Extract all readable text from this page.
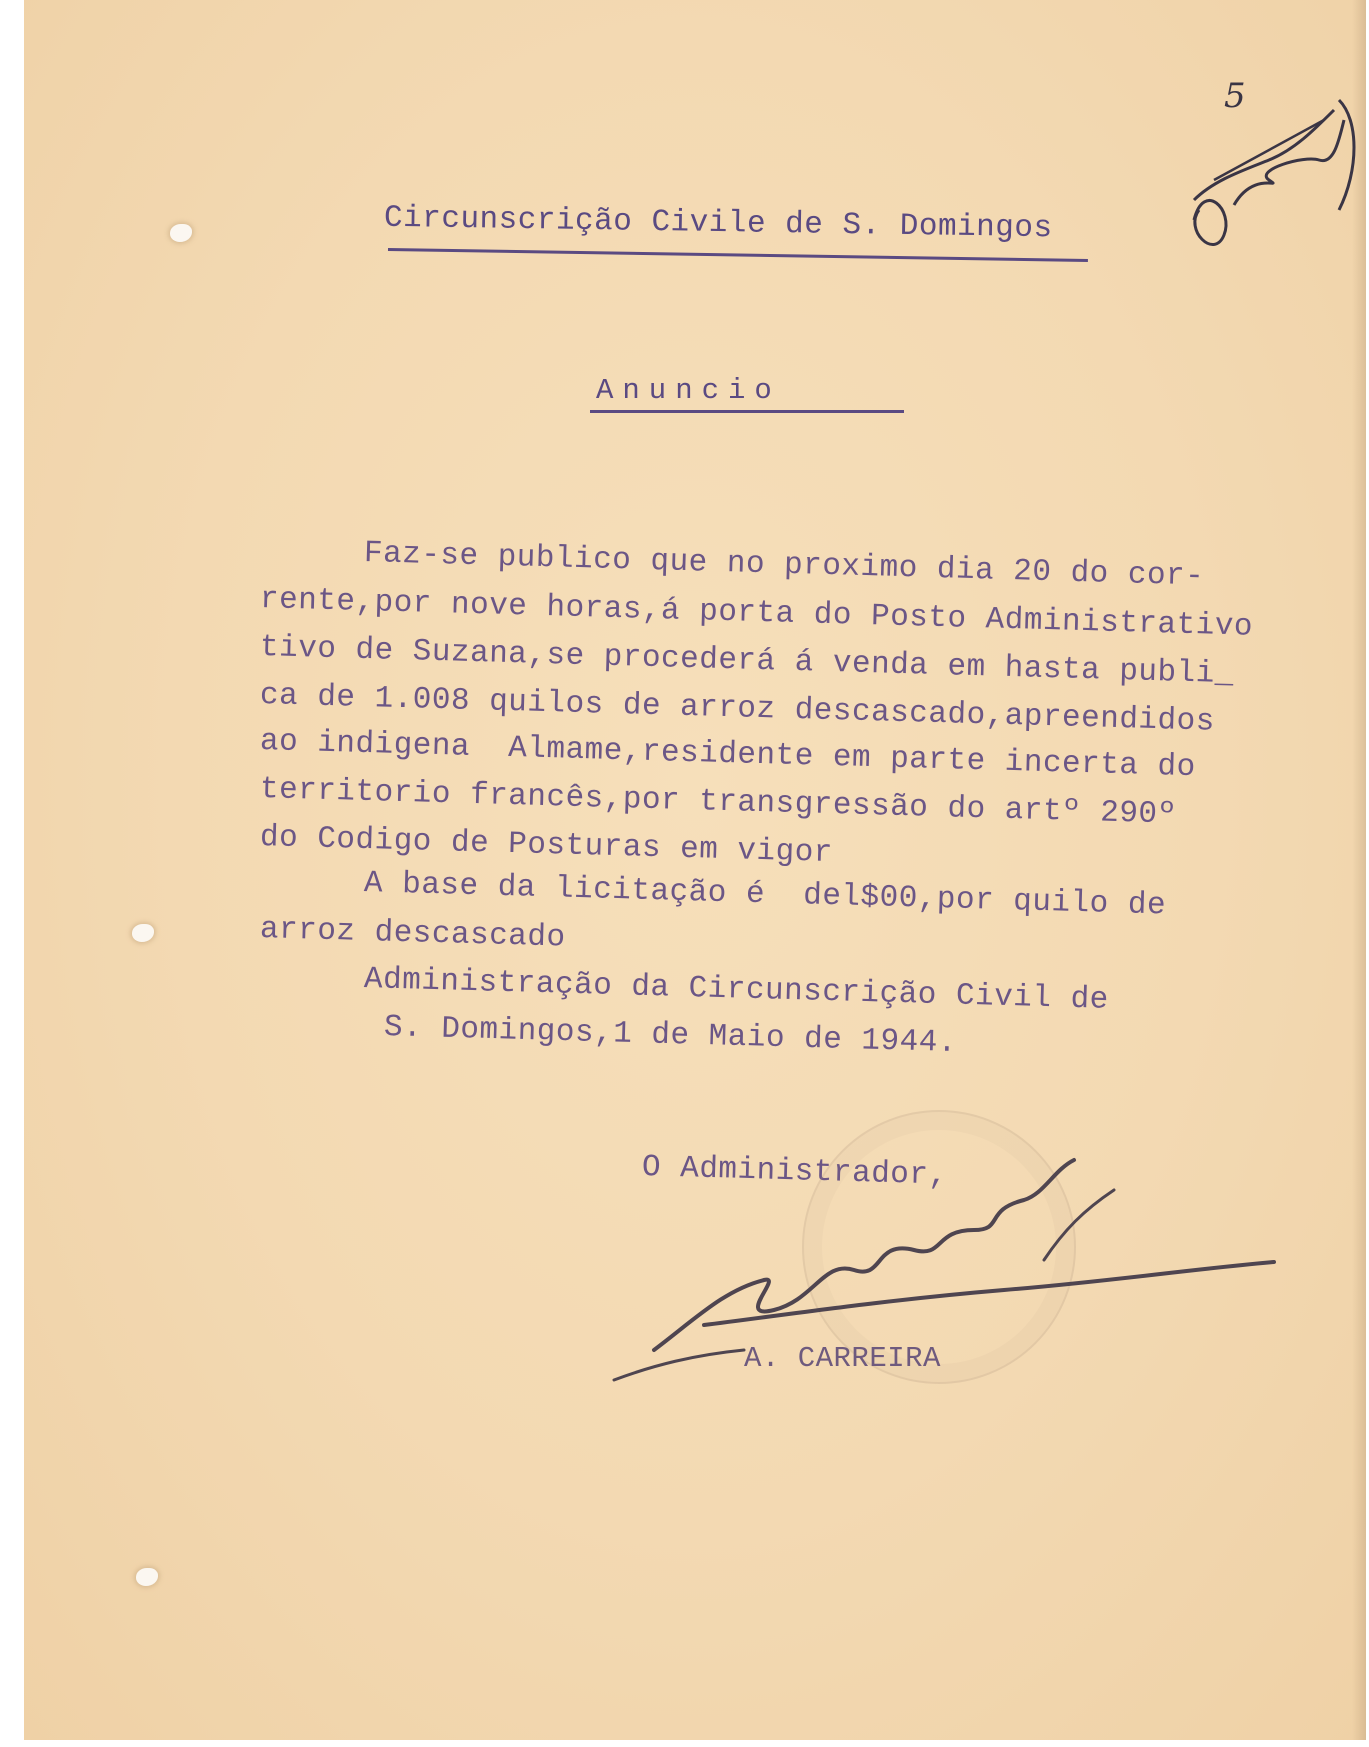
5
Circunscrição Civile de S. Domingos
Anuncio
Faz-se publico que no proximo dia 20 do cor-
rente,por nove horas,á porta do Posto Administrativo
tivo de Suzana,se procederá á venda em hasta publi_
ca de 1.008 quilos de arroz descascado,apreendidos
ao indigena  Almame,residente em parte incerta do
territorio francês,por transgressão do artº 290º
do Codigo de Posturas em vigor
A base da licitação é  del$00,por quilo de
arroz descascado
Administração da Circunscrição Civil de
S. Domingos,1 de Maio de 1944.
O Administrador,
A. CARREIRA
